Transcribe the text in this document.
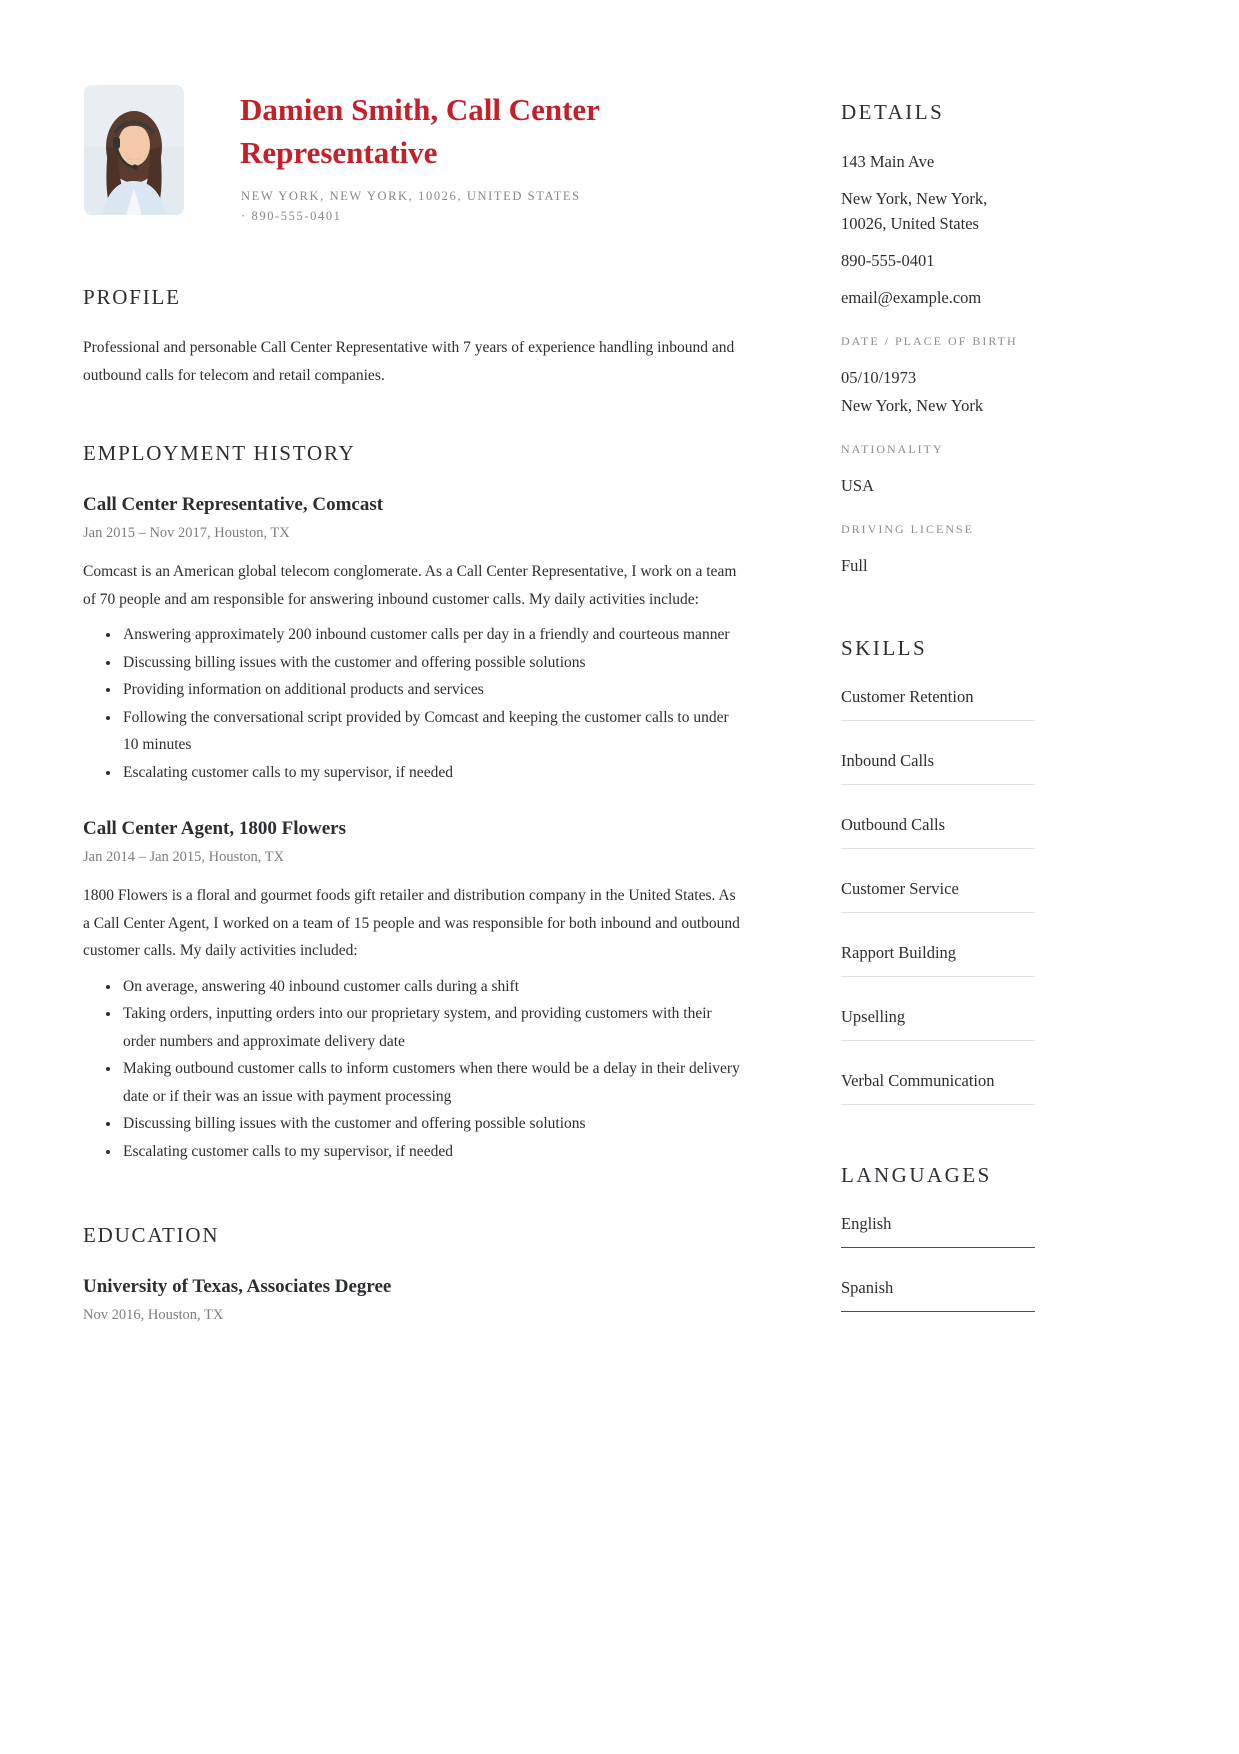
Damien Smith, Call Center Representative
NEW YORK, NEW YORK, 10026, UNITED STATES · 890-555-0401
PROFILE

Professional and personable Call Center Representative with 7 years of experience handling inbound and outbound calls for telecom and retail companies.

EMPLOYMENT HISTORY
Call Center Representative, Comcast
Jan 2015 – Nov 2017, Houston, TX

Comcast is an American global telecom conglomerate. As a Call Center Representative, I work on a team of 70 people and am responsible for answering inbound customer calls. My daily activities include:

• Answering approximately 200 inbound customer calls per day in a friendly and courteous manner
• Discussing billing issues with the customer and offering possible solutions
• Providing information on additional products and services
• Following the conversational script provided by Comcast and keeping the customer calls to under 10 minutes
• Escalating customer calls to my supervisor, if needed
Call Center Agent, 1800 Flowers
Jan 2014 – Jan 2015, Houston, TX

1800 Flowers is a floral and gourmet foods gift retailer and distribution company in the United States. As a Call Center Agent, I worked on a team of 15 people and was responsible for both inbound and outbound customer calls. My daily activities included:

• On average, answering 40 inbound customer calls during a shift
• Taking orders, inputting orders into our proprietary system, and providing customers with their order numbers and approximate delivery date
• Making outbound customer calls to inform customers when there would be a delay in their delivery date or if their was an issue with payment processing
• Discussing billing issues with the customer and offering possible solutions
• Escalating customer calls to my supervisor, if needed
EDUCATION
University of Texas, Associates Degree
Nov 2016, Houston, TX
DETAILS
143 Main Ave
New York, New York, 10026, United States
890-555-0401
email@example.com
DATE / PLACE OF BIRTH
05/10/1973
New York, New York
NATIONALITY
USA
DRIVING LICENSE
Full
SKILLS
Customer Retention
Inbound Calls
Outbound Calls
Customer Service
Rapport Building
Upselling
Verbal Communication
LANGUAGES
English
Spanish
